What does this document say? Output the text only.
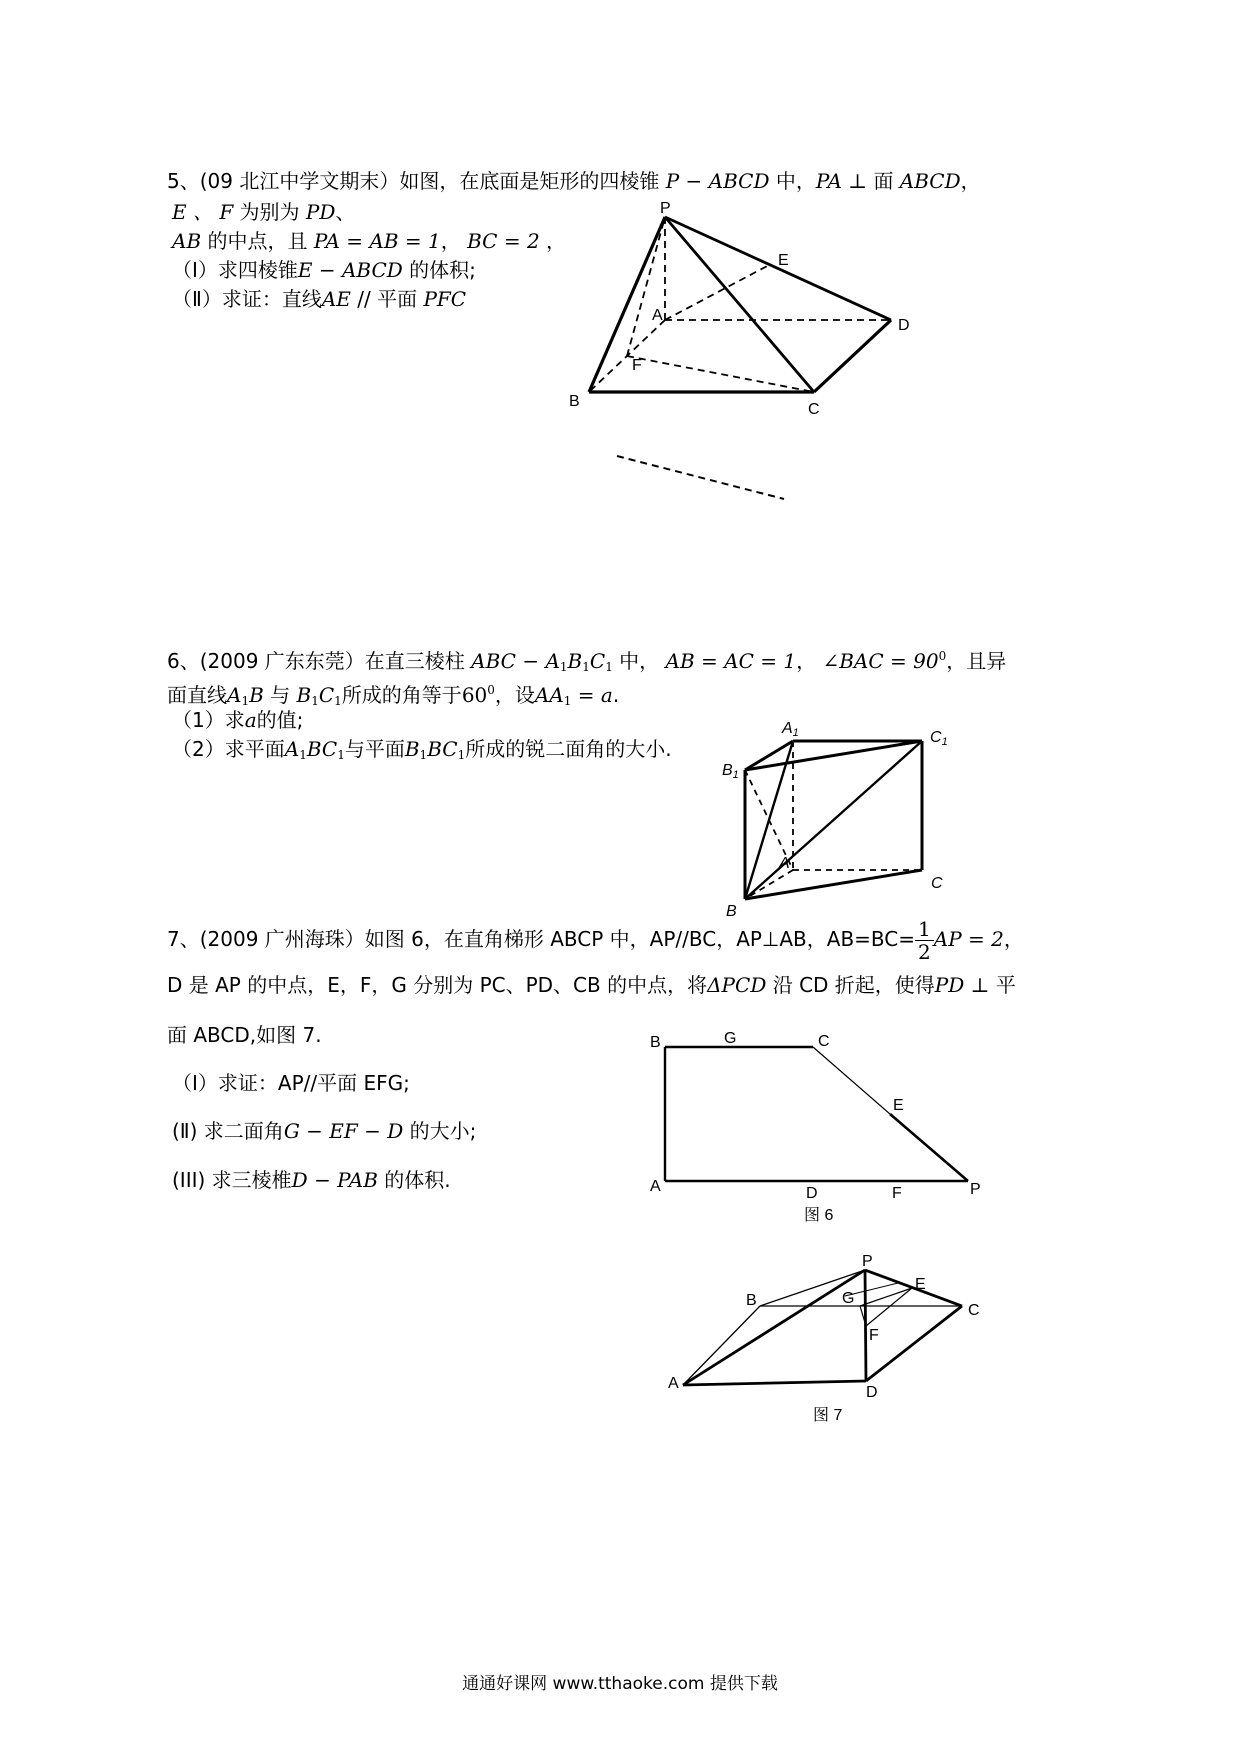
5、(09 北江中学文期末）如图，在底面是矩形的四棱锥 P − ABCD 中，PA ⊥ 面 ABCD，
E 、 F 为别为 PD、
AB 的中点，且 PA = AB = 1， BC = 2 ，
（Ⅰ）求四棱锥E − ABCD 的体积;
（Ⅱ）求证：直线AE // 平面 PFC
6、(2009 广东东莞）在直三棱柱 ABC − $A_1B_1C_1$ 中， AB = AC = 1， ∠BAC = $90^0$，且异
面直线$A_1B$ 与 $B_1C_1$所成的角等于$60^0$，设$AA_1 = a$.
（1）求a的值;
（2）求平面$A_1BC_1$与平面$B_1BC_1$所成的锐二面角的大小.
7、(2009 广州海珠）如图 6，在直角梯形 ABCP 中，AP//BC，AP⊥AB，$AB=BC= \frac{1}{2}$ AP = 2，
D 是 AP 的中点，E，F，G 分别为 PC、PD、CB 的中点，将ΔPCD 沿 CD 折起，使得PD ⊥ 平
面 ABCD,如图 7.
（Ⅰ）求证：AP//平面 EFG;
(Ⅱ) 求二面角G − EF − D 的大小;
(III) 求三棱椎D − PAB 的体积.
P
E
A
D
F
B	C
A1	C1
B1
A
C
B
B	G	C
E
A	D	F	P
图 6
P
E
B	G
C
F
A
D
图 7
通通好课网 www.tthaoke.com 提供下载
